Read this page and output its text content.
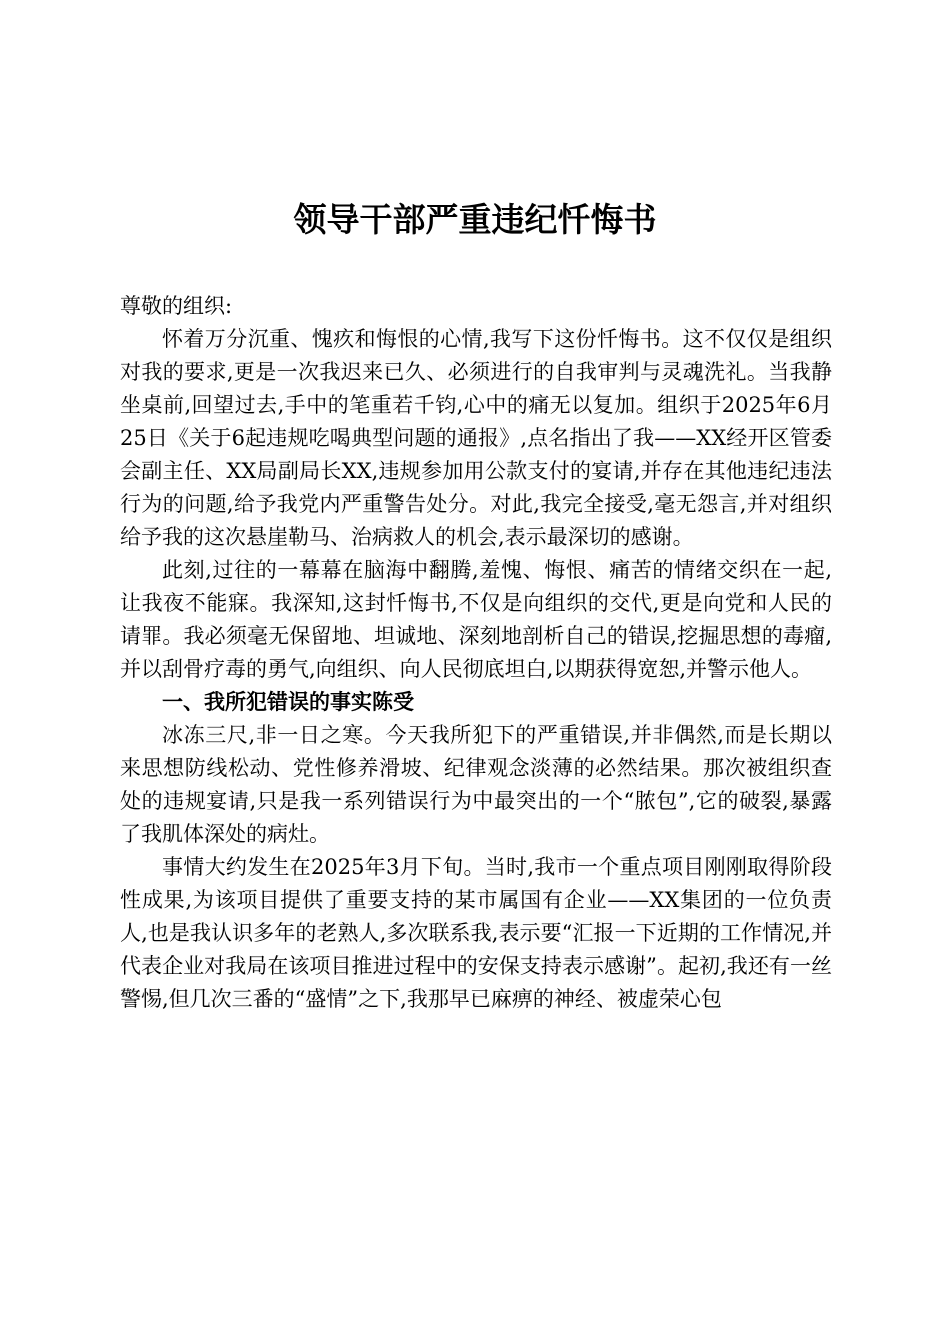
领导干部严重违纪忏悔书

尊敬的组织:

怀着万分沉重、愧疚和悔恨的心情,我写下这份忏悔书。这不仅仅是组织对我的要求,更是一次我迟来已久、必须进行的自我审判与灵魂洗礼。当我静坐桌前,回望过去,手中的笔重若千钧,心中的痛无以复加。组织于2025年6月25日《关于6起违规吃喝典型问题的通报》,点名指出了我——XX经开区管委会副主任、XX局副局长XX,违规参加用公款支付的宴请,并存在其他违纪违法行为的问题,给予我党内严重警告处分。对此,我完全接受,毫无怨言,并对组织给予我的这次悬崖勒马、治病救人的机会,表示最深切的感谢。

此刻,过往的一幕幕在脑海中翻腾,羞愧、悔恨、痛苦的情绪交织在一起,让我夜不能寐。我深知,这封忏悔书,不仅是向组织的交代,更是向党和人民的请罪。我必须毫无保留地、坦诚地、深刻地剖析自己的错误,挖掘思想的毒瘤,并以刮骨疗毒的勇气,向组织、向人民彻底坦白,以期获得宽恕,并警示他人。

一、我所犯错误的事实陈受

冰冻三尺,非一日之寒。今天我所犯下的严重错误,并非偶然,而是长期以来思想防线松动、党性修养滑坡、纪律观念淡薄的必然结果。那次被组织查处的违规宴请,只是我一系列错误行为中最突出的一个“脓包”,它的破裂,暴露了我肌体深处的病灶。

事情大约发生在2025年3月下旬。当时,我市一个重点项目刚刚取得阶段性成果,为该项目提供了重要支持的某市属国有企业——XX集团的一位负责人,也是我认识多年的老熟人,多次联系我,表示要“汇报一下近期的工作情况,并代表企业对我局在该项目推进过程中的安保支持表示感谢”。起初,我还有一丝警惕,但几次三番的“盛情”之下,我那早已麻痹的神经、被虚荣心包
